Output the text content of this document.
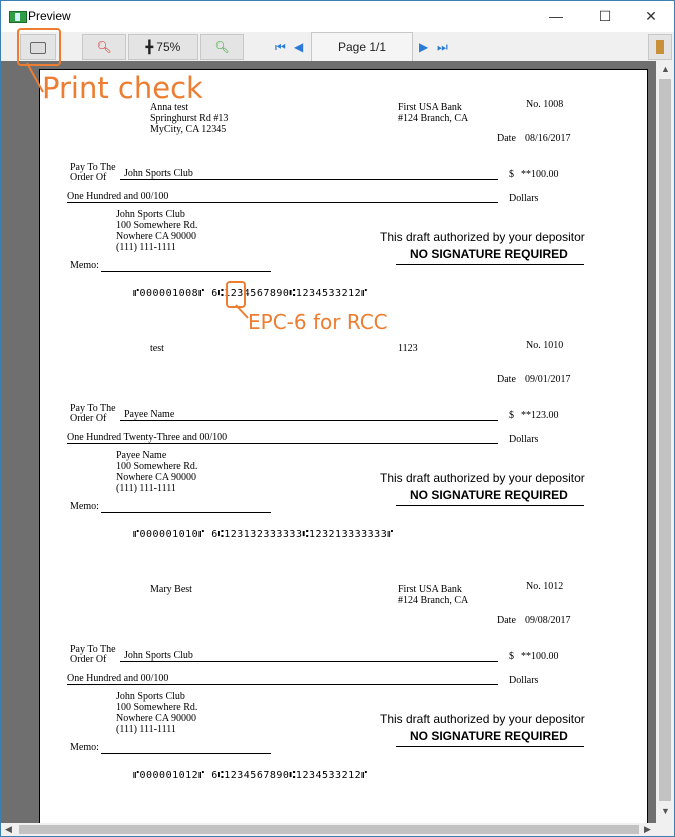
Preview	—	☐	✕
🔍︎	╋ 75%	🔍︎	⏮ ◀	Page 1/1	▶ ⏭
Anna test
Springhurst Rd #13
MyCity, CA 12345
First USA Bank
#124 Branch, CA
No. 1008
Date 08/16/2017
Pay To The
Order Of John Sports Club	$ **100.00
One Hundred and 00/100	Dollars
John Sports Club
100 Somewhere Rd.
Nowhere CA 90000
(111) 111-1111
This draft authorized by your depositor
NO SIGNATURE REQUIRED
Memo:
⑈000001008⑈ 6⑆1234567890⑆1234533212⑈
test	1123	No. 1010
Date 09/01/2017
Pay To The
Order Of Payee Name	$ **123.00
One Hundred Twenty-Three and 00/100	Dollars
Payee Name
100 Somewhere Rd.
Nowhere CA 90000
(111) 111-1111
This draft authorized by your depositor
NO SIGNATURE REQUIRED
Memo:
⑈000001010⑈ 6⑆123132333333⑆123213333333⑈
Mary Best	First USA Bank
#124 Branch, CA
No. 1012
Date 09/08/2017
Pay To The
Order Of John Sports Club	$ **100.00
One Hundred and 00/100	Dollars
John Sports Club
100 Somewhere Rd.
Nowhere CA 90000
(111) 111-1111
This draft authorized by your depositor
NO SIGNATURE REQUIRED
Memo:
⑈000001012⑈ 6⑆1234567890⑆1234533212⑈
▲
▼
◀	▶
Print check
EPC-6 for RCC
